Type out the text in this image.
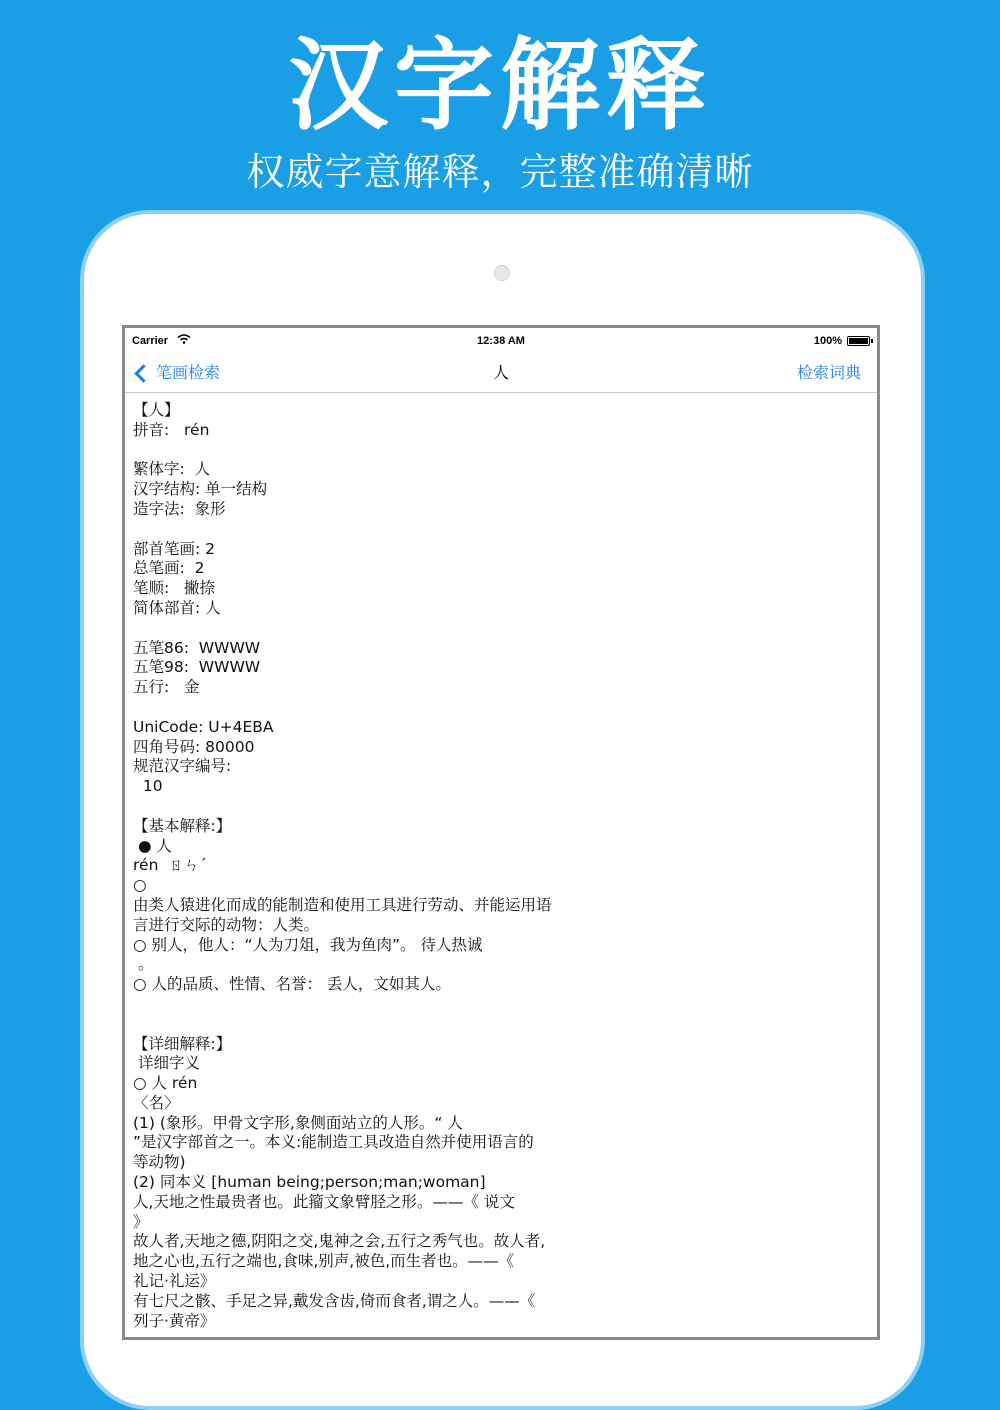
汉字解释
权威字意解释，完整准确清晰
Carrier	12:38 AM	100%
笔画检索	人	检索词典
【人】
拼音:   rén
繁体字:  人
汉字结构: 单一结构
造字法:  象形
部首笔画: 2
总笔画:  2
笔顺:   撇捺
简体部首: 人
五笔86:  WWWW
五笔98:  WWWW
五行:   金
UniCode: U+4EBA
四角号码: 80000
规范汉字编号:
10
【基本解释:】
● 人
rén  ㄖㄣˊ
○
由类人猿进化而成的能制造和使用工具进行劳动、并能运用语
言进行交际的动物：人类。
○ 别人，他人：“人为刀俎，我为鱼肉”。 待人热诚
。
○ 人的品质、性情、名誉： 丢人，文如其人。
【详细解释:】
详细字义
○ 人 rén
〈名〉
(1) (象形。甲骨文字形,象侧面站立的人形。“ 人
”是汉字部首之一。本义:能制造工具改造自然并使用语言的
等动物)
(2) 同本义 [human being;person;man;woman]
人,天地之性最贵者也。此籀文象臂胫之形。——《 说文
》
故人者,天地之德,阴阳之交,鬼神之会,五行之秀气也。故人者,
地之心也,五行之端也,食味,别声,被色,而生者也。——《
礼记·礼运》
有七尺之骸、手足之异,戴发含齿,倚而食者,谓之人。——《
列子·黄帝》
